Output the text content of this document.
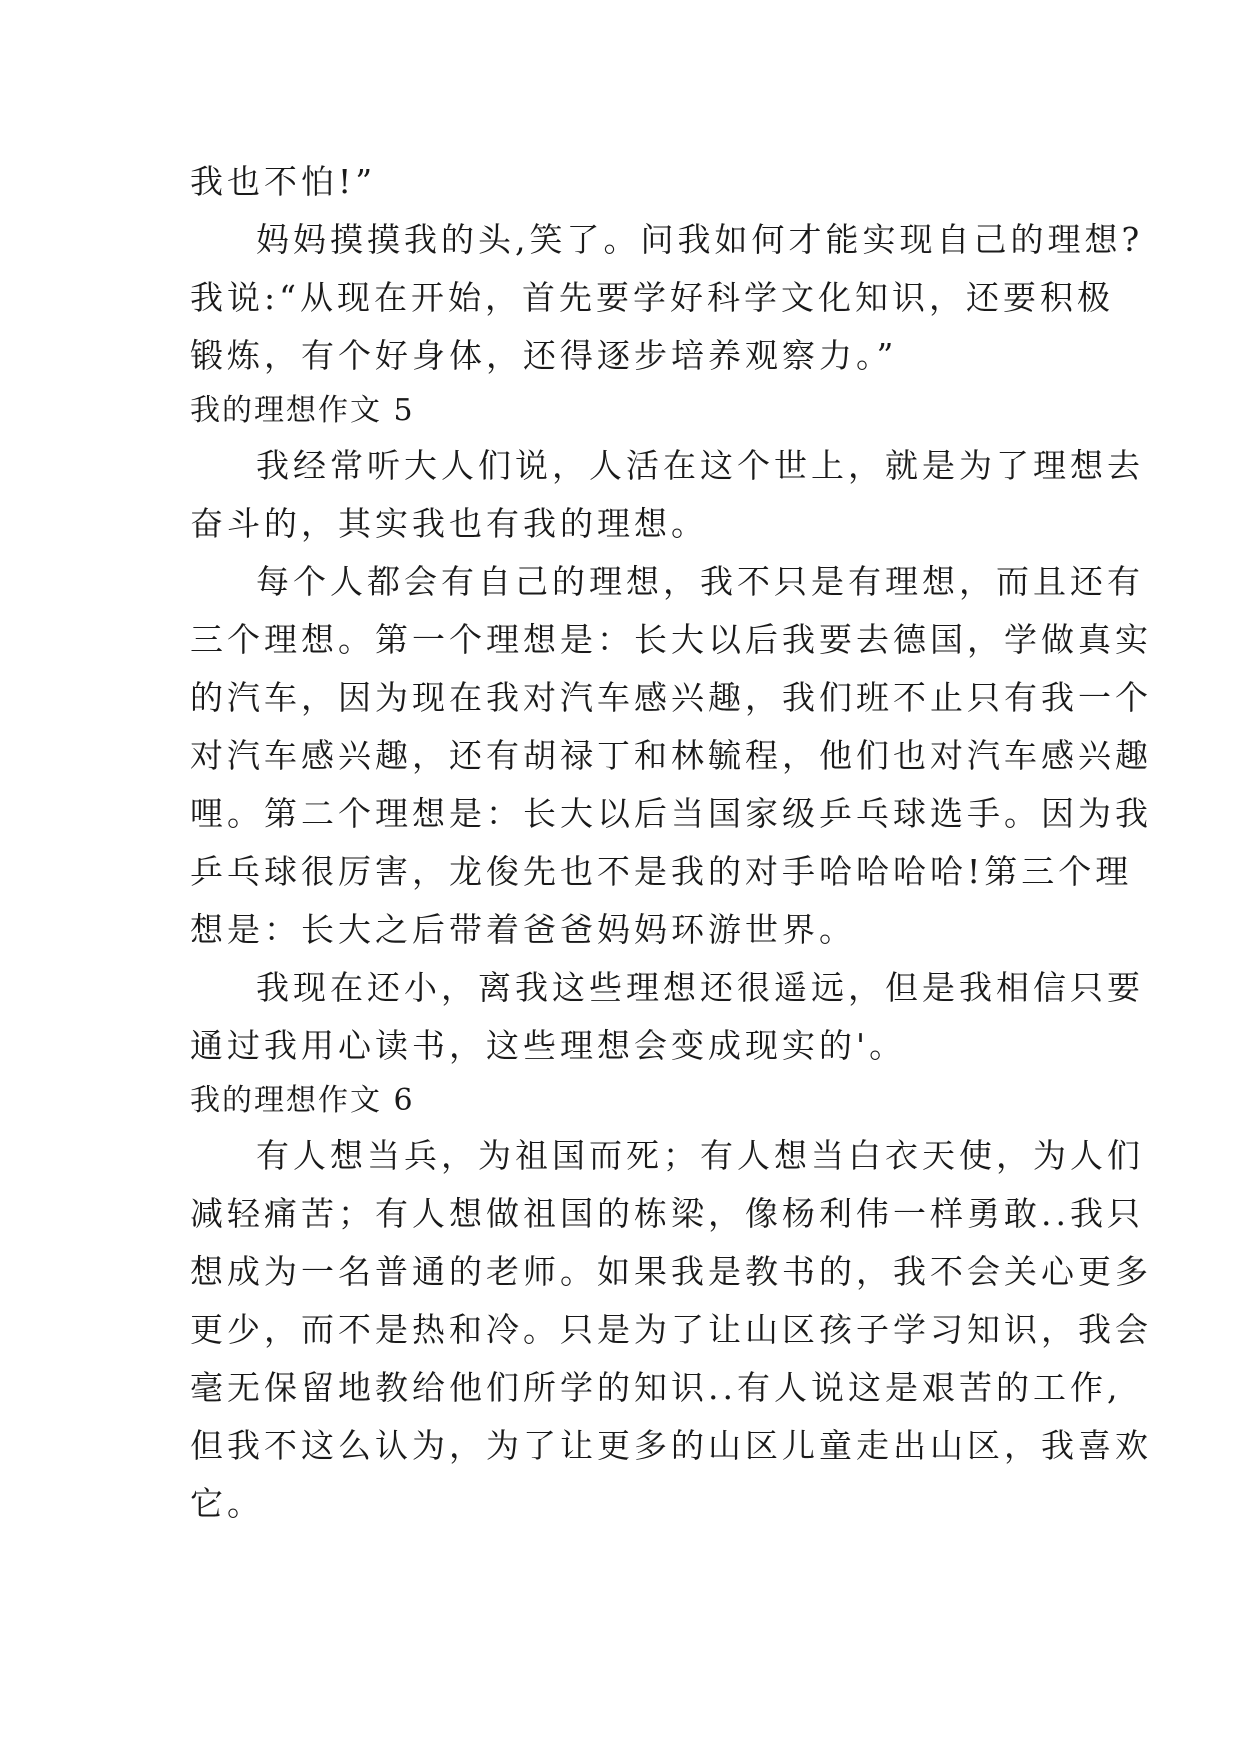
我也不怕!”
妈妈摸摸我的头,笑了。问我如何才能实现自己的理想?
我说:“从现在开始，首先要学好科学文化知识，还要积极
锻炼，有个好身体，还得逐步培养观察力。”
我的理想作文 5
我经常听大人们说，人活在这个世上，就是为了理想去
奋斗的，其实我也有我的理想。
每个人都会有自己的理想，我不只是有理想，而且还有
三个理想。第一个理想是：长大以后我要去德国，学做真实
的汽车，因为现在我对汽车感兴趣，我们班不止只有我一个
对汽车感兴趣，还有胡禄丁和林毓程，他们也对汽车感兴趣
哩。第二个理想是：长大以后当国家级乒乓球选手。因为我
乒乓球很厉害，龙俊先也不是我的对手哈哈哈哈!第三个理
想是：长大之后带着爸爸妈妈环游世界。
我现在还小，离我这些理想还很遥远，但是我相信只要
通过我用心读书，这些理想会变成现实的'。
我的理想作文 6
有人想当兵，为祖国而死；有人想当白衣天使，为人们
减轻痛苦；有人想做祖国的栋梁，像杨利伟一样勇敢..我只
想成为一名普通的老师。如果我是教书的，我不会关心更多
更少，而不是热和冷。只是为了让山区孩子学习知识，我会
毫无保留地教给他们所学的知识..有人说这是艰苦的工作,
但我不这么认为，为了让更多的山区儿童走出山区，我喜欢
它。
